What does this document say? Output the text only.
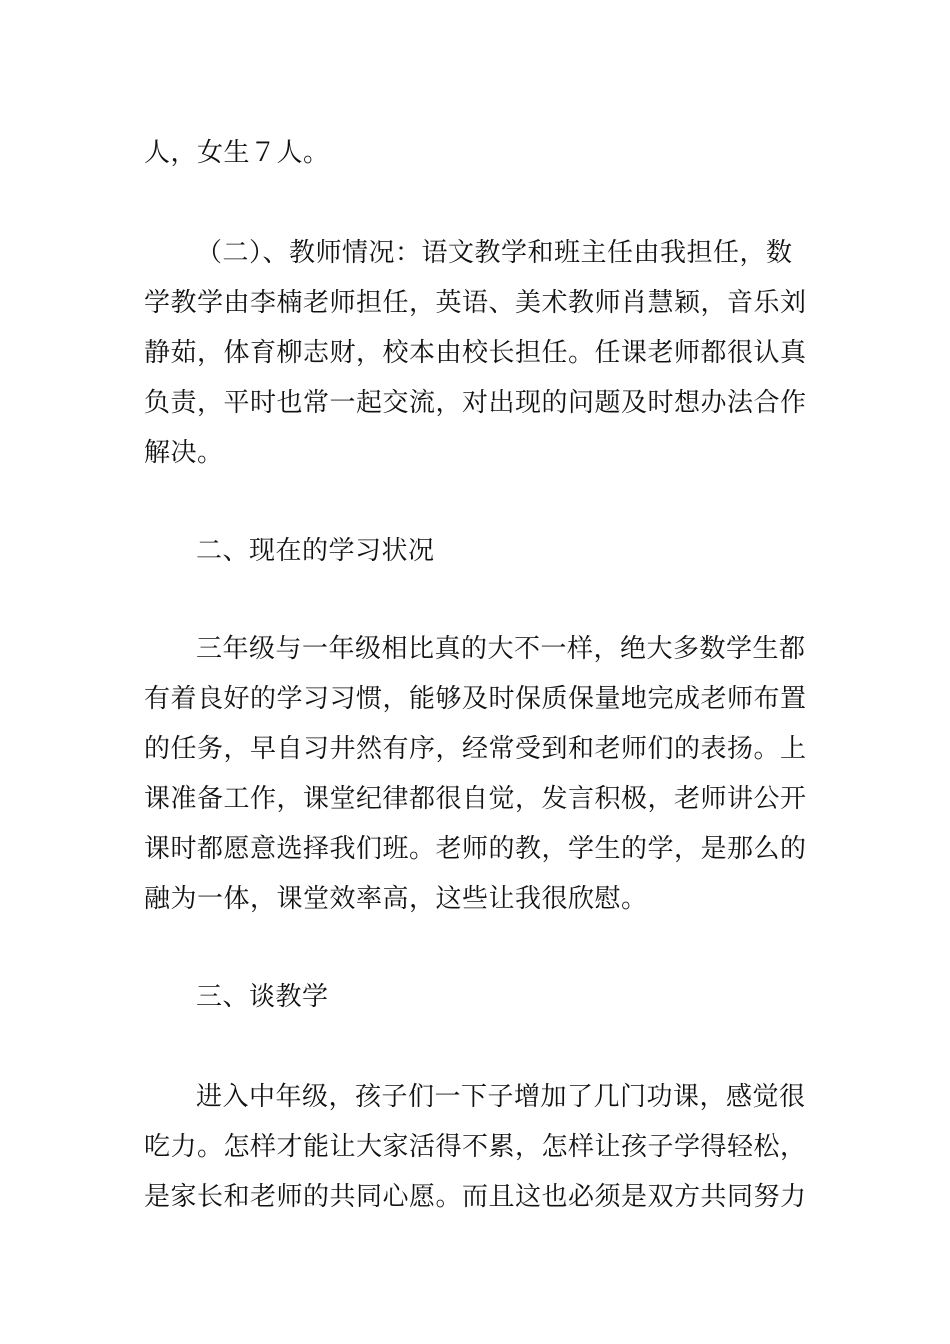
人，女生７人。
（二）、教师情况：语文教学和班主任由我担任，数
学教学由李楠老师担任，英语、美术教师肖慧颖，音乐刘
静茹，体育柳志财，校本由校长担任。任课老师都很认真
负责，平时也常一起交流，对出现的问题及时想办法合作
解决。
二、现在的学习状况
三年级与一年级相比真的大不一样，绝大多数学生都
有着良好的学习习惯，能够及时保质保量地完成老师布置
的任务，早自习井然有序，经常受到和老师们的表扬。上
课准备工作，课堂纪律都很自觉，发言积极，老师讲公开
课时都愿意选择我们班。老师的教，学生的学，是那么的
融为一体，课堂效率高，这些让我很欣慰。
三、谈教学
进入中年级，孩子们一下子增加了几门功课，感觉很
吃力。怎样才能让大家活得不累，怎样让孩子学得轻松，
是家长和老师的共同心愿。而且这也必须是双方共同努力
